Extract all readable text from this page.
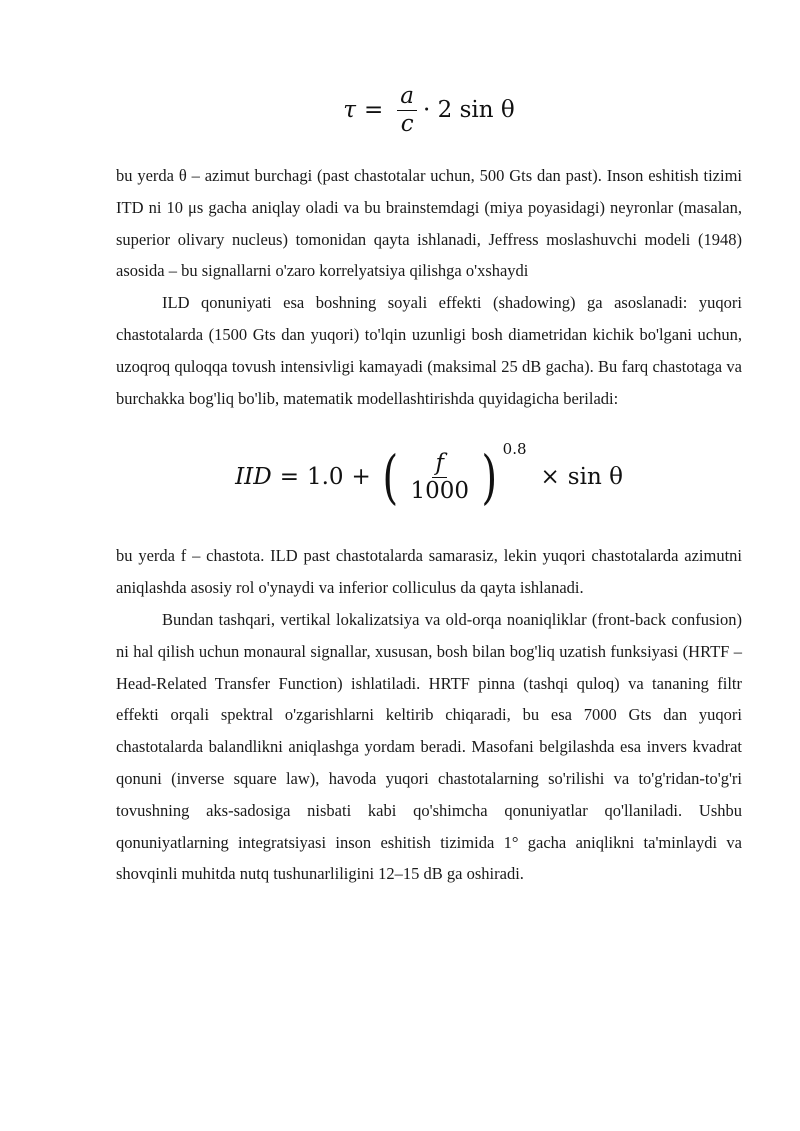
$\tau = \frac{a}{c} \cdot 2$ sin θ

bu yerda θ – azimut burchagi (past chastotalar uchun, 500 Gts dan past). Inson eshitish tizimi ITD ni 10 μs gacha aniqlay oladi va bu brainstemdagi (miya poyasidagi) neyronlar (masalan, superior olivary nucleus) tomonidan qayta ishlanadi, Jeffress moslashuvchi modeli (1948) asosida – bu signallarni o'zaro korrelyatsiya qilishga o'xshaydi

ILD qonuniyati esa boshning soyali effekti (shadowing) ga asoslanadi: yuqori chastotalarda (1500 Gts dan yuqori) to'lqin uzunligi bosh diametridan kichik bo'lgani uchun, uzoqroq quloqqa tovush intensivligi kamayadi (maksimal 25 dB gacha). Bu farq chastotaga va burchakka bog'liq bo'lib, matematik modellashtirishda quyidagicha beriladi:

IID = 1.0 + ( $\frac{f}{1000}$ ) 0.8
× sin θ

bu yerda f – chastota. ILD past chastotalarda samarasiz, lekin yuqori chastotalarda azimutni aniqlashda asosiy rol o'ynaydi va inferior colliculus da qayta ishlanadi.

Bundan tashqari, vertikal lokalizatsiya va old-orqa noaniqliklar (front-back confusion) ni hal qilish uchun monaural signallar, xususan, bosh bilan bog'liq uzatish funksiyasi (HRTF – Head-Related Transfer Function) ishlatiladi. HRTF pinna (tashqi quloq) va tananing filtr effekti orqali spektral o'zgarishlarni keltirib chiqaradi, bu esa 7000 Gts dan yuqori chastotalarda balandlikni aniqlashga yordam beradi. Masofani belgilashda esa invers kvadrat qonuni (inverse square law), havoda yuqori chastotalarning so'rilishi va to'g'ridan-to'g'ri tovushning aks-sadosiga nisbati kabi qo'shimcha qonuniyatlar qo'llaniladi. Ushbu qonuniyatlarning integratsiyasi inson eshitish tizimida 1° gacha aniqlikni ta'minlaydi va shovqinli muhitda nutq tushunarliligini 12–15 dB ga oshiradi.
